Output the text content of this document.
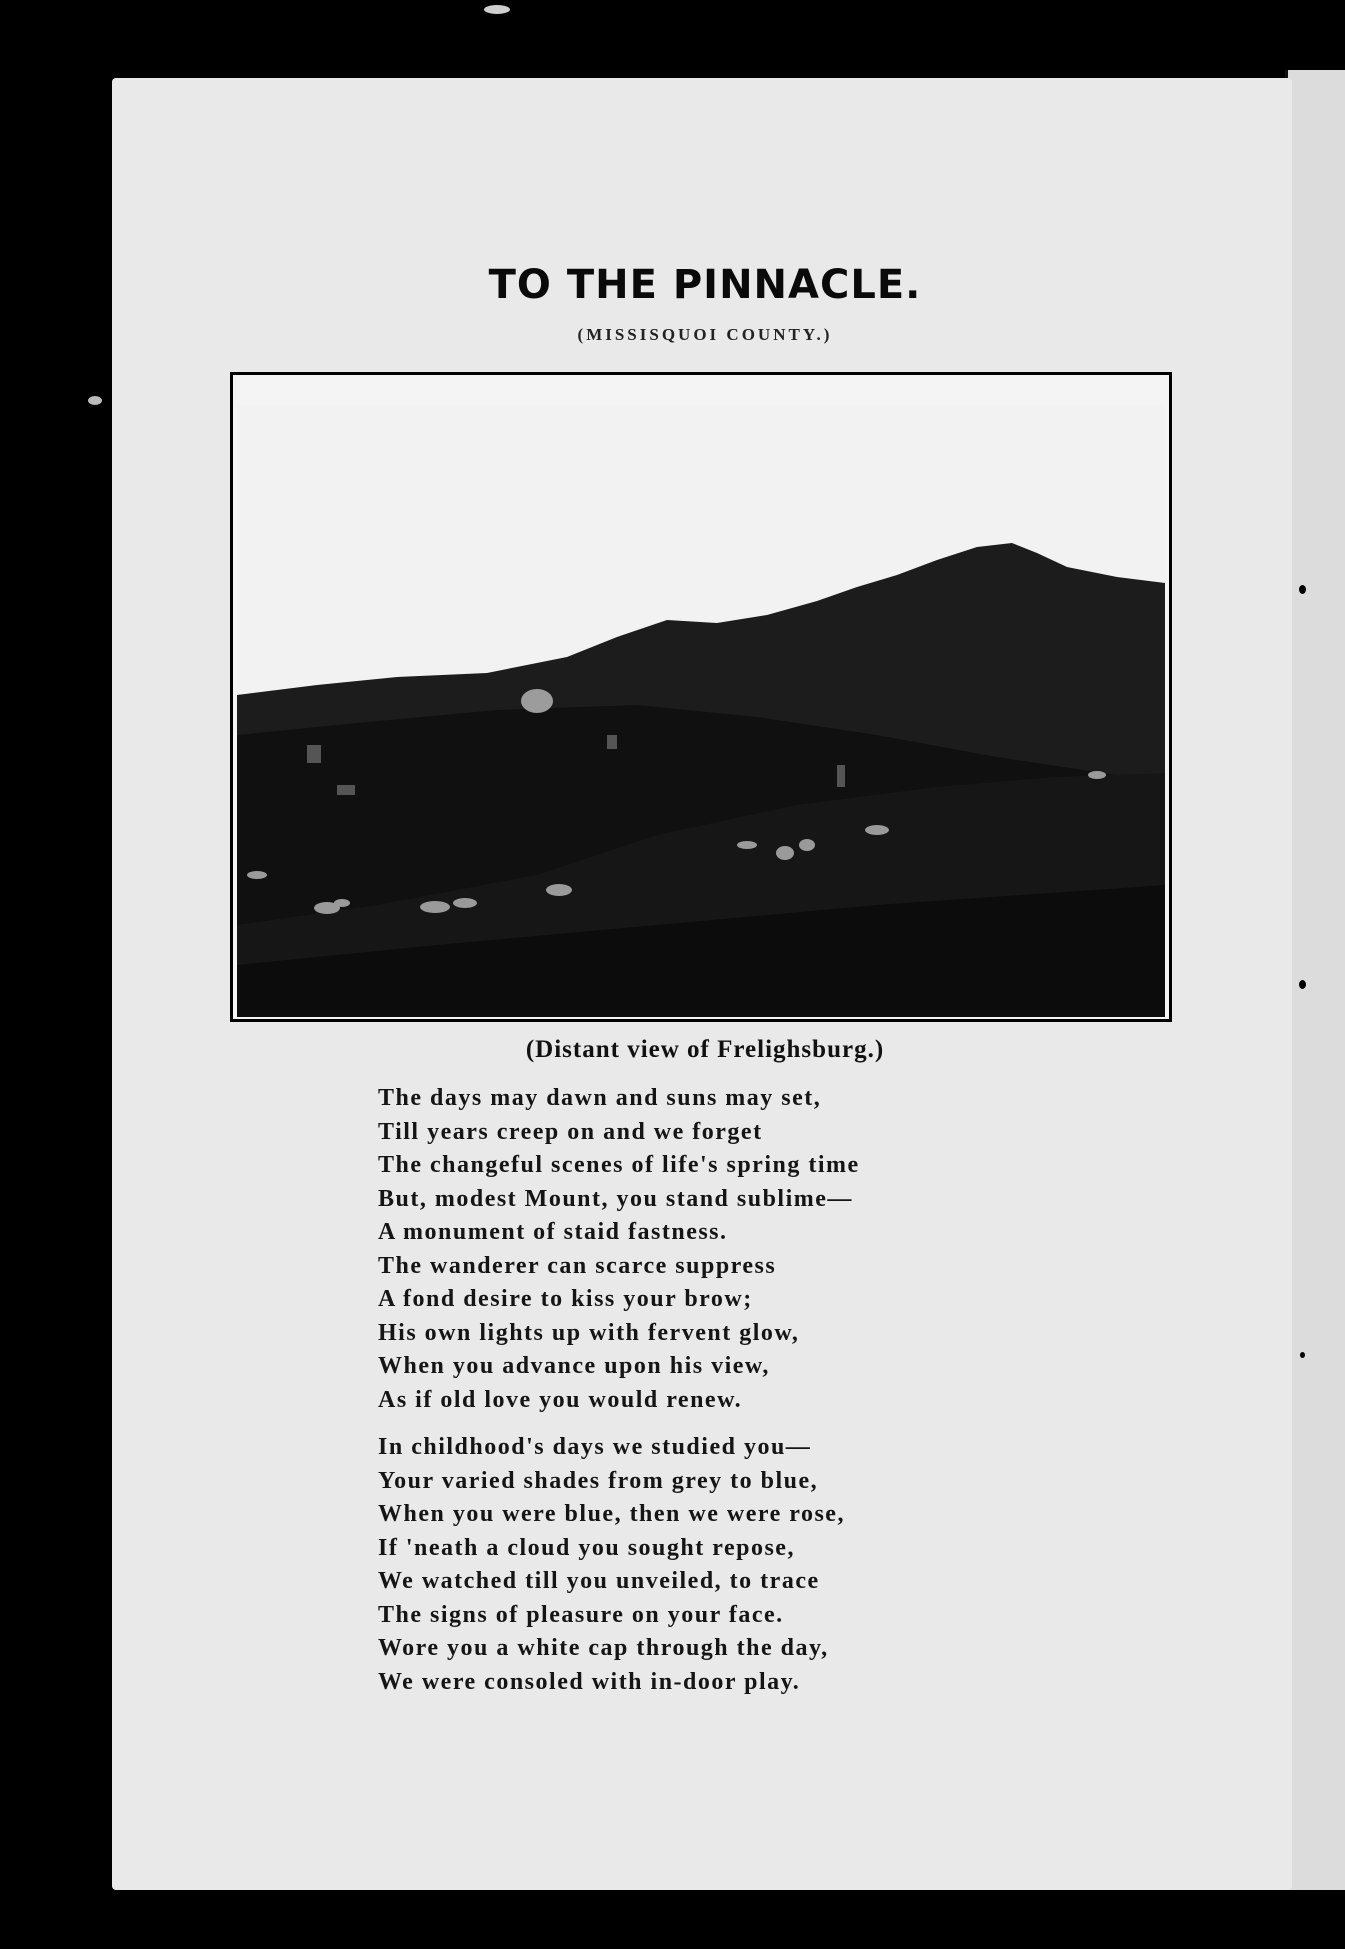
TO THE PINNACLE.
(MISSISQUOI COUNTY.)
(Distant view of Frelighsburg.)
The days may dawn and suns may set,
Till years creep on and we forget
The changeful scenes of life's spring time
But, modest Mount, you stand sublime—
A monument of staid fastness.
The wanderer can scarce suppress
A fond desire to kiss your brow;
His own lights up with fervent glow,
When you advance upon his view,
As if old love you would renew.
In childhood's days we studied you—
Your varied shades from grey to blue,
When you were blue, then we were rose,
If 'neath a cloud you sought repose,
We watched till you unveiled, to trace
The signs of pleasure on your face.
Wore you a white cap through the day,
We were consoled with in-door play.
